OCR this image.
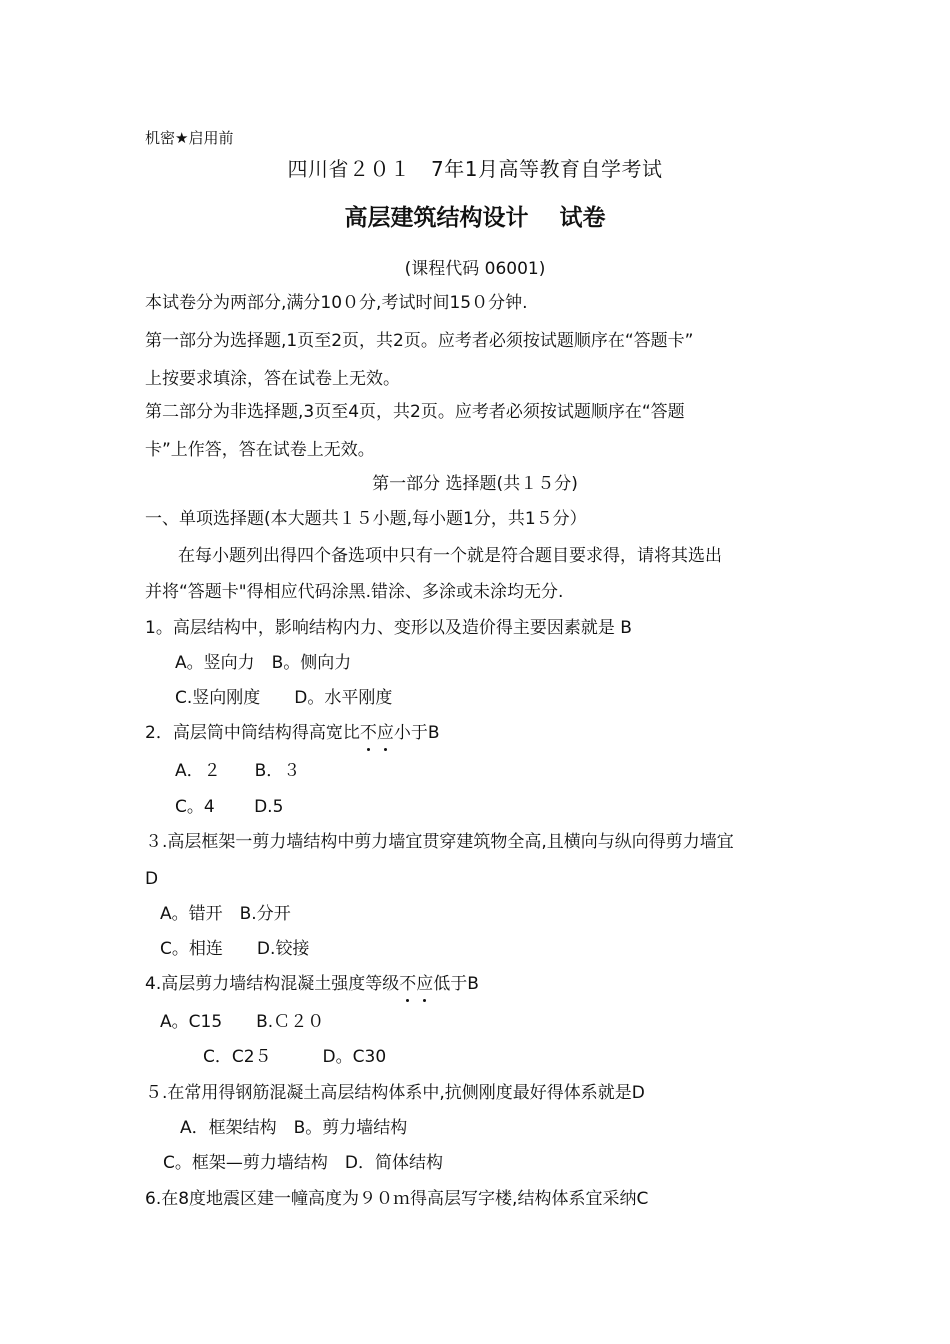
机密★启用前
四川省２０１　7年1月高等教育自学考试
高层建筑结构设计　 试卷
(课程代码 06001)
本试卷分为两部分,满分10０分,考试时间15０分钟.
第一部分为选择题,1页至2页，共2页。应考者必须按试题顺序在“答题卡”
上按要求填涂，答在试卷上无效。
第二部分为非选择题,3页至4页，共2页。应考者必须按试题顺序在“答题
卡”上作答，答在试卷上无效。
第一部分 选择题(共１５分)
一、单项选择题(本大题共１５小题,每小题1分，共1５分）
在每小题列出得四个备选项中只有一个就是符合题目要求得，请将其选出
并将“答题卡"得相应代码涂黑.错涂、多涂或未涂均无分.
1。高层结构中，影响结构内力、变形以及造价得主要因素就是 B
A。竖向力　B。侧向力
C.竖向刚度　　D。水平刚度
2．高层筒中筒结构得高宽比不应小于B
A．２　　B．３
C。4　　 D.5
３.高层框架一剪力墙结构中剪力墙宜贯穿建筑物全高,且横向与纵向得剪力墙宜
D
A。错开　B.分开
C。相连　　D.铰接
4.高层剪力墙结构混凝土强度等级不应低于B
A。C15　　B.Ｃ２０
C．C2５　　　D。C30
５.在常用得钢筋混凝土高层结构体系中,抗侧刚度最好得体系就是D
A．框架结构　B。剪力墙结构
C。框架—剪力墙结构　D．简体结构
6.在8度地震区建一幢高度为９０ｍ得高层写字楼,结构体系宜采纳C
